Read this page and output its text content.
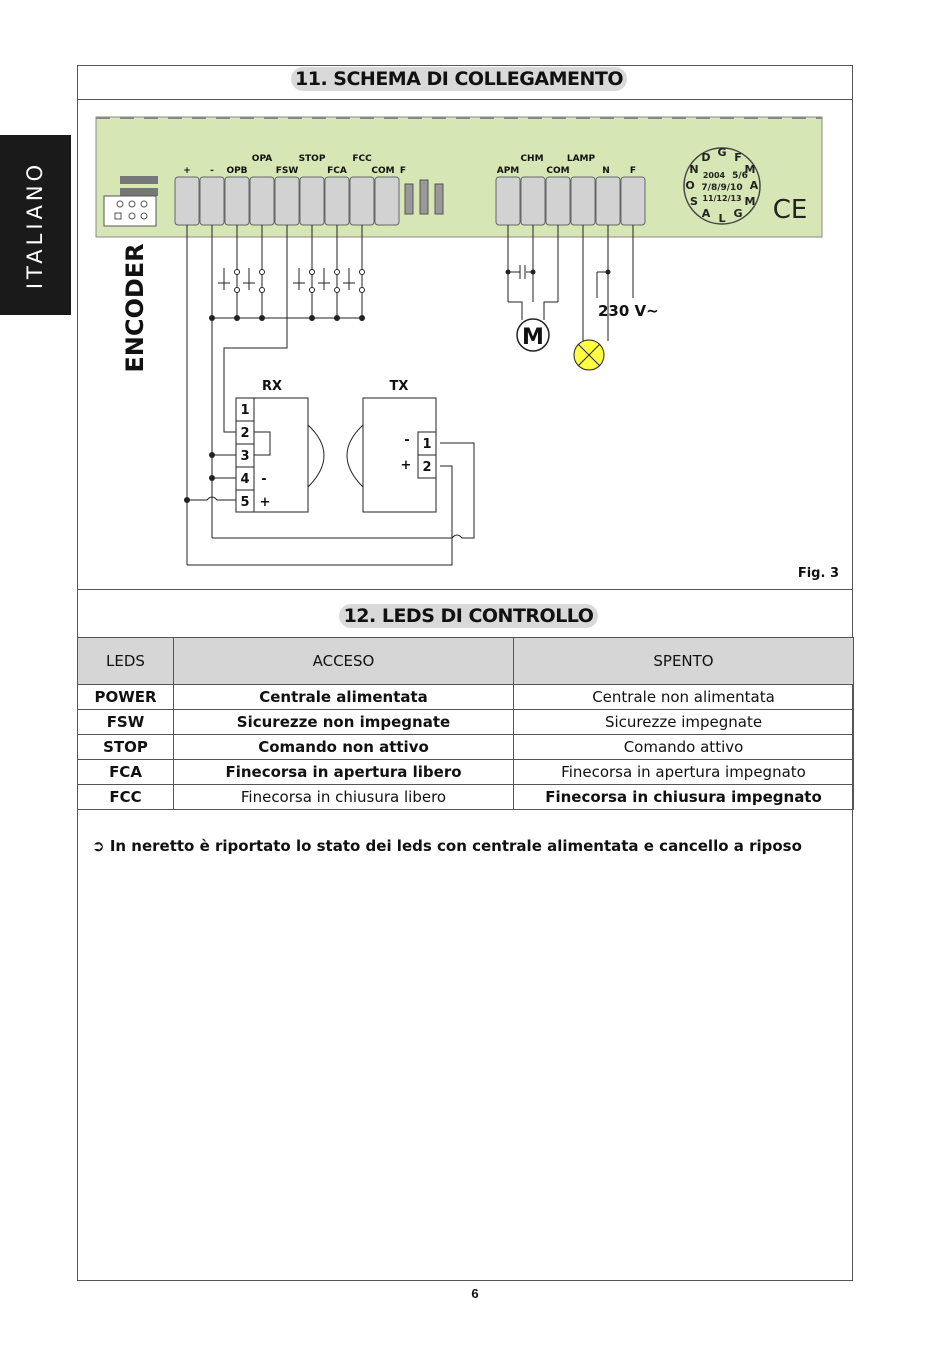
ITALIANO
11. SCHEMA DI COLLEGAMENTO
OPA	STOP	FCC
+ - OPB	FSW	FCA	COM F
CHM	LAMP
APM	COM	N F
G F
M
A
M
G
L
A
S
O
N
D
2004 5/6
7/8/9/10
11/12/13 CE
ENCODER
RX
1
2
3
4
5
-
+
TX
1
2
-
+
230 V~
M
Fig. 3
12. LEDS DI CONTROLLO
LEDS	ACCESO	SPENTO
POWER	Centrale alimentata	Centrale non alimentata
FSW	Sicurezze non impegnate	Sicurezze impegnate
STOP	Comando non attivo	Comando attivo
FCA	Finecorsa in apertura libero	Finecorsa in apertura impegnato
FCC	Finecorsa in chiusura libero	Finecorsa in chiusura impegnato
➲ In neretto è riportato lo stato dei leds con centrale alimentata e cancello a riposo
6
